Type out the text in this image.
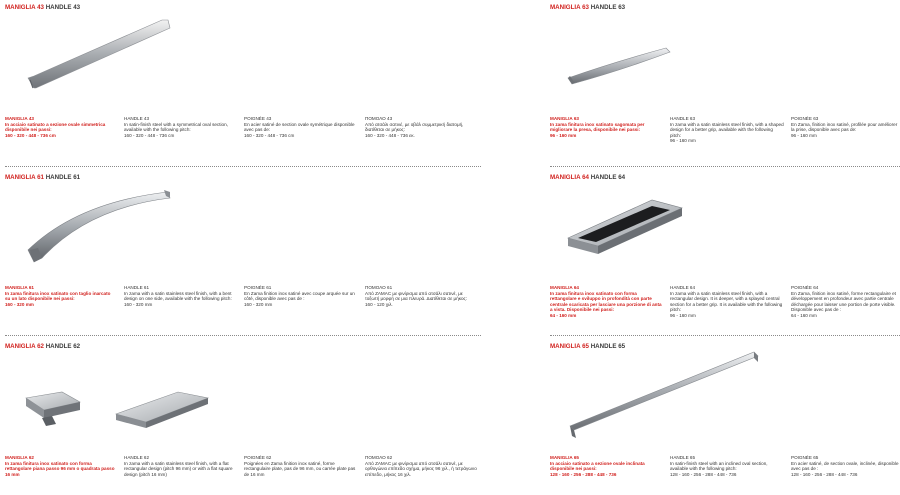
MANIGLIA 43 HANDLE 43
MANIGLIA 43
In acciaio satinato a sezione ovale simmetrica disponibile nei passi:
160 - 320 - 448 - 736 cm
HANDLE 43
In satin-finish steel with a symmetrical oval section, available with the following pitch:
160 - 320 - 448 - 736 cm
POIGNÉE 43
En acier satiné de section ovale symétrique disponible avec pas de:
160 - 320 - 448 - 736 cm
ΠΟΜΟΛΟ 43
Από ατσάλι σατινέ, με οβάλ συμμετρική διατομή, διατίθεται σε μήκος:
160 - 320 - 448 - 736 εκ.
MANIGLIA 61 HANDLE 61
MANIGLIA 61
In zama finitura inox satinato con taglio inarcato su un lato disponibile nei passi:
160 - 320 mm
HANDLE 61
In zama with a satin stainless steel finish, with a bent design on one side, available with the following pitch:
160 - 320 mm
POIGNÉE 61
En Zama finition inox satiné avec coupe arquée sur un côté, disponible avec pas de :
160 - 320 mm
ΠΟΜΟΛΟ 61
Από ZAMAC με φινίρισμα από ατσάλι σατινέ, με τοξωτή μορφή σε μια πλευρά. Διατίθεται σε μήκος:
160 - 120 χιλ.
MANIGLIA 62 HANDLE 62
MANIGLIA 62
In zama finitura inox satinato con forma rettangolare piana passo 96 mm o quadrata passo 16 mm
HANDLE 62
In zama with a satin stainless steel finish, with a flat rectangular design (pitch 96 mm) or with a flat square design (pitch 16 mm)
POIGNÉE 62
Poignées en Zama finition inox satiné, forme rectangulaire plate, pas de 96 mm, ou carrée plate pas de 16 mm
ΠΟΜΟΛΟ 62
Από ZAMAC με φινίρισμα από ατσάλι σατινέ, με ορθογώνιο επίπεδο σχήμα, μήκος 96 χιλ., ή τετράγωνο επίπεδο, μήκος 16 χιλ.
MANIGLIA 63 HANDLE 63
MANIGLIA 63
In zama finitura inox satinato sagomata per migliorare la presa, disponibile nei passi:
96 - 160 mm
HANDLE 63
In zama with a satin stainless steel finish, with a shaped design for a better grip, available with the following pitch:
96 - 160 mm
POIGNÉE 63
En Zama, finition inox satiné, profilée pour améliorer la prise, disponible avec pas de:
96 - 160 mm
MANIGLIA 64 HANDLE 64
MANIGLIA 64
In zama finitura inox satinato con forma rettangolare e sviluppo in profondità con parte centrale scaricata per lasciare una porzione di anta a vista. Disponibile nei passi:
64 - 160 mm
HANDLE 64
In zama with a satin stainless steel finish, with a rectangular design. It is deeper, with a splayed central section for a better grip. It is available with the following pitch:
96 - 160 mm
POIGNÉE 64
En Zama, finition inox satiné, forme rectangulaire et développement en profondeur avec partie centrale déchargée pour laisser une portion de porte visible. Disponible avec pas de :
64 - 160 mm
MANIGLIA 65 HANDLE 65
MANIGLIA 65
In acciaio satinato a sezione ovale inclinata disponibile nei passi:
128 - 160 - 256 - 288 - 448 - 736
HANDLE 65
In satin-finish steel with an inclined oval section, available with the following pitch:
128 - 160 - 256 - 288 - 448 - 736
POIGNÉE 65
En acier satiné, de section ovale, inclinée, disponible avec pas de :
128 - 160 - 256 - 288 - 448 - 736
